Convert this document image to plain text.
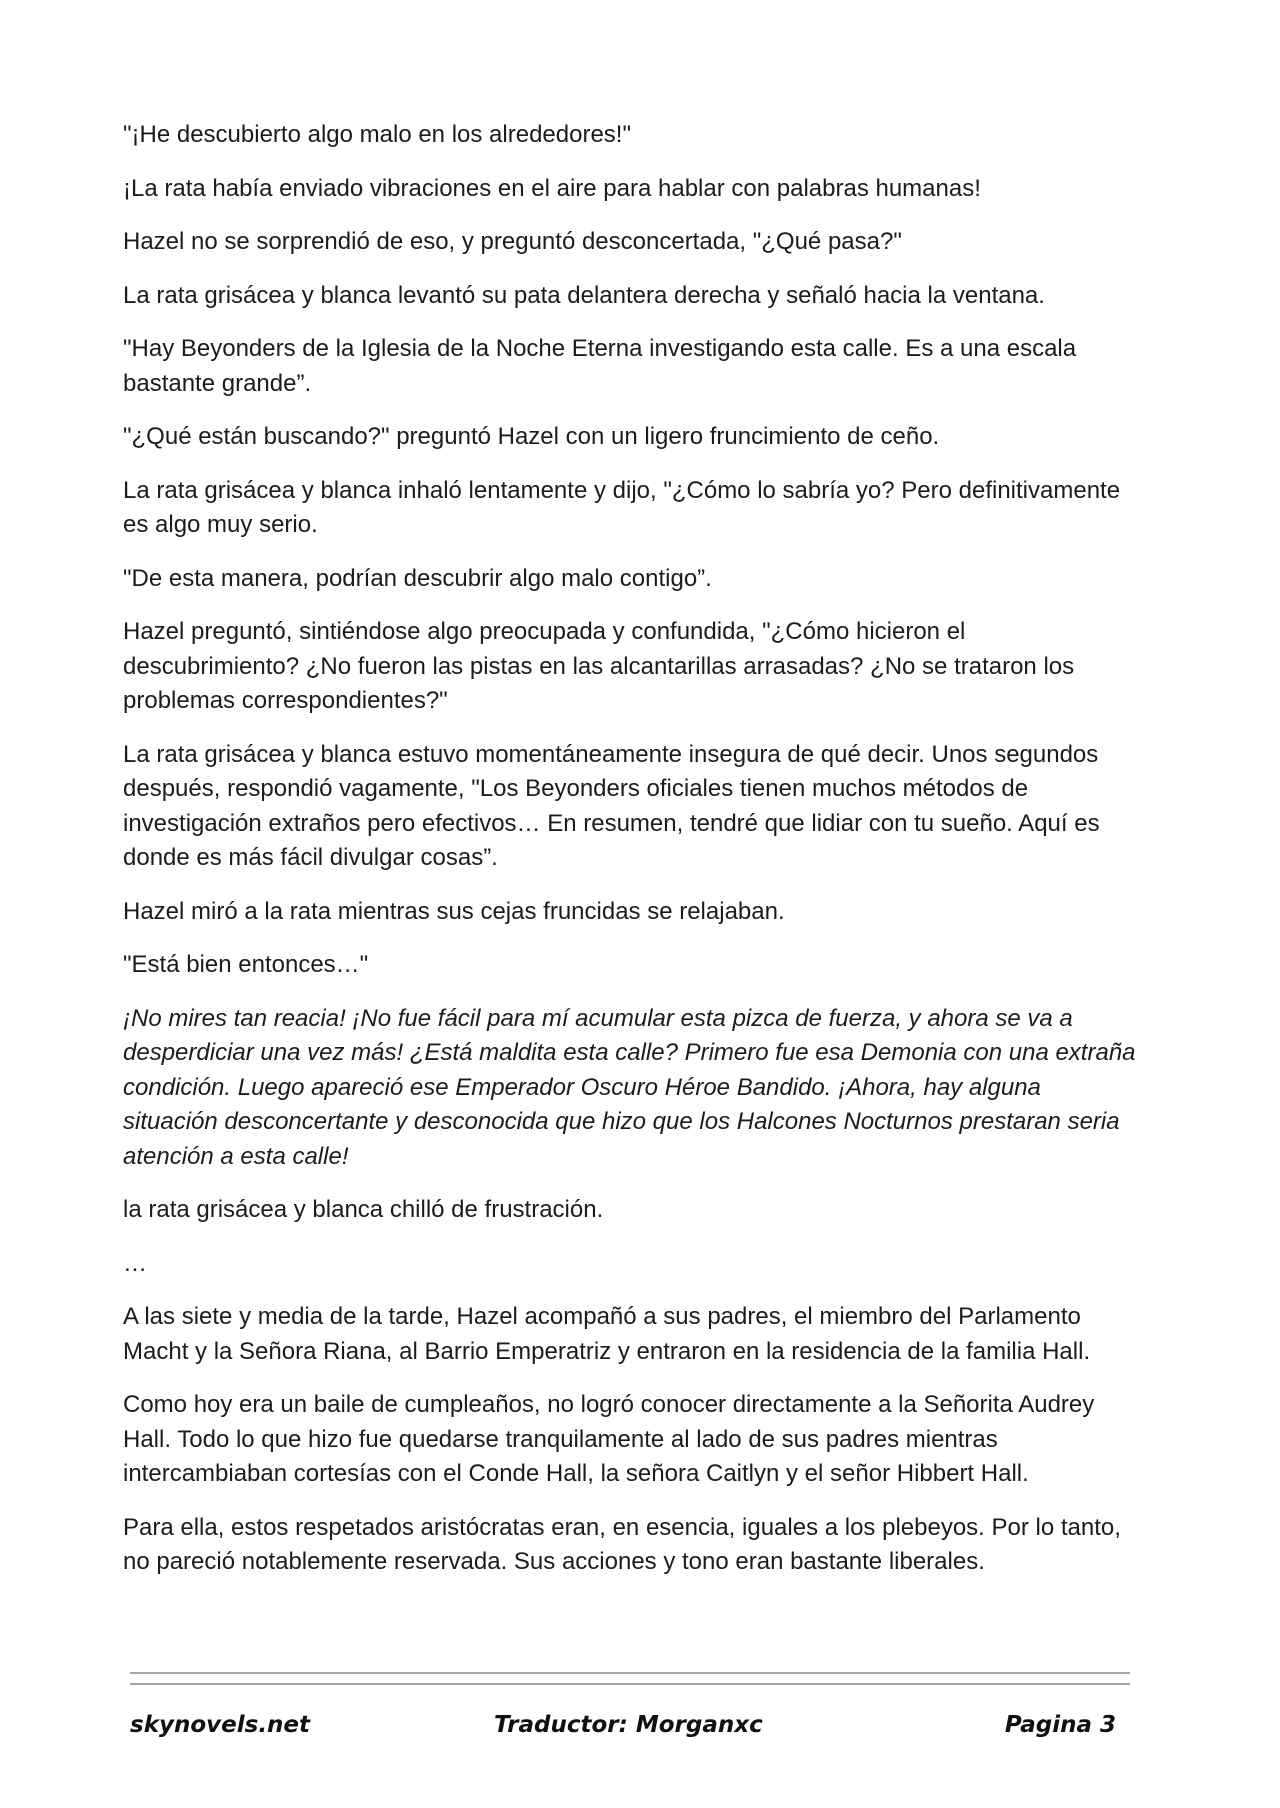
"¡He descubierto algo malo en los alrededores!"

¡La rata había enviado vibraciones en el aire para hablar con palabras humanas!

Hazel no se sorprendió de eso, y preguntó desconcertada, "¿Qué pasa?"

La rata grisácea y blanca levantó su pata delantera derecha y señaló hacia la ventana.

"Hay Beyonders de la Iglesia de la Noche Eterna investigando esta calle. Es a una escala bastante grande”.

"¿Qué están buscando?" preguntó Hazel con un ligero fruncimiento de ceño.

La rata grisácea y blanca inhaló lentamente y dijo, "¿Cómo lo sabría yo? Pero definitivamente es algo muy serio.

"De esta manera, podrían descubrir algo malo contigo”.

Hazel preguntó, sintiéndose algo preocupada y confundida, "¿Cómo hicieron el descubrimiento? ¿No fueron las pistas en las alcantarillas arrasadas? ¿No se trataron los problemas correspondientes?"

La rata grisácea y blanca estuvo momentáneamente insegura de qué decir. Unos segundos después, respondió vagamente, "Los Beyonders oficiales tienen muchos métodos de investigación extraños pero efectivos… En resumen, tendré que lidiar con tu sueño. Aquí es donde es más fácil divulgar cosas”.

Hazel miró a la rata mientras sus cejas fruncidas se relajaban.

"Está bien entonces…"

¡No mires tan reacia! ¡No fue fácil para mí acumular esta pizca de fuerza, y ahora se va a desperdiciar una vez más! ¿Está maldita esta calle? Primero fue esa Demonia con una extraña condición. Luego apareció ese Emperador Oscuro Héroe Bandido. ¡Ahora, hay alguna situación desconcertante y desconocida que hizo que los Halcones Nocturnos prestaran seria atención a esta calle!

la rata grisácea y blanca chilló de frustración.

…

A las siete y media de la tarde, Hazel acompañó a sus padres, el miembro del Parlamento Macht y la Señora Riana, al Barrio Emperatriz y entraron en la residencia de la familia Hall.

Como hoy era un baile de cumpleaños, no logró conocer directamente a la Señorita Audrey Hall. Todo lo que hizo fue quedarse tranquilamente al lado de sus padres mientras intercambiaban cortesías con el Conde Hall, la señora Caitlyn y el señor Hibbert Hall.

Para ella, estos respetados aristócratas eran, en esencia, iguales a los plebeyos. Por lo tanto, no pareció notablemente reservada. Sus acciones y tono eran bastante liberales.

skynovels.net	Traductor: Morganxc	Pagina 3
